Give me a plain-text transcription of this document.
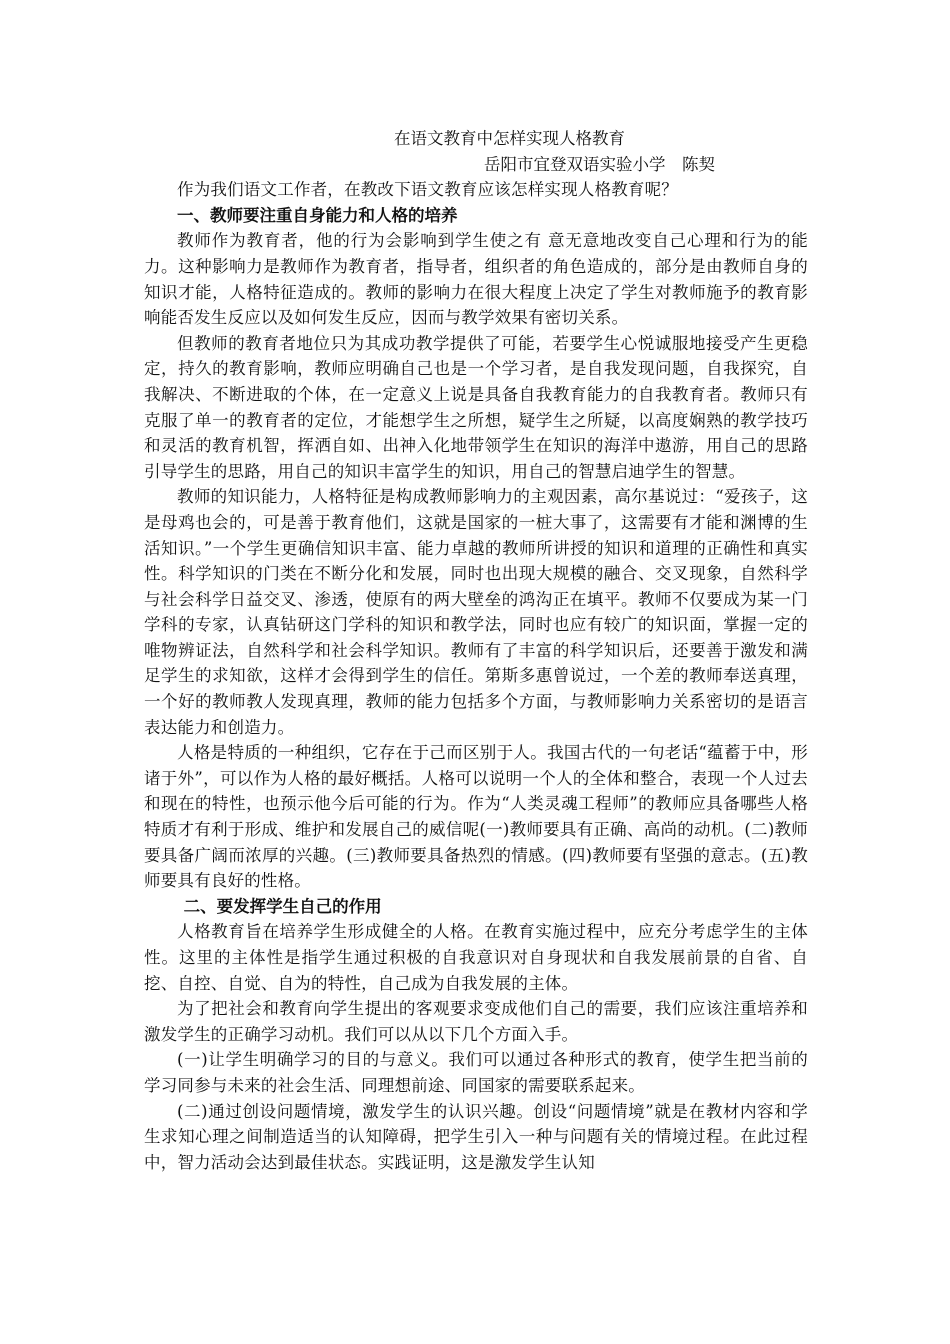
在语文教育中怎样实现人格教育

岳阳市宜登双语实验小学　陈契

作为我们语文工作者，在教改下语文教育应该怎样实现人格教育呢？

一、教师要注重自身能力和人格的培养

教师作为教育者，他的行为会影响到学生使之有 意无意地改变自己心理和行为的能力。这种影响力是教师作为教育者，指导者，组织者的角色造成的，部分是由教师自身的知识才能，人格特征造成的。教师的影响力在很大程度上决定了学生对教师施予的教育影响能否发生反应以及如何发生反应，因而与教学效果有密切关系。

但教师的教育者地位只为其成功教学提供了可能，若要学生心悦诚服地接受产生更稳定，持久的教育影响，教师应明确自己也是一个学习者，是自我发现问题，自我探究，自我解决、不断进取的个体，在一定意义上说是具备自我教育能力的自我教育者。教师只有克服了单一的教育者的定位，才能想学生之所想，疑学生之所疑，以高度娴熟的教学技巧和灵活的教育机智，挥洒自如、出神入化地带领学生在知识的海洋中遨游，用自己的思路引导学生的思路，用自己的知识丰富学生的知识，用自己的智慧启迪学生的智慧。

教师的知识能力，人格特征是构成教师影响力的主观因素，高尔基说过：“爱孩子，这是母鸡也会的，可是善于教育他们，这就是国家的一桩大事了，这需要有才能和渊博的生活知识。”一个学生更确信知识丰富、能力卓越的教师所讲授的知识和道理的正确性和真实性。科学知识的门类在不断分化和发展，同时也出现大规模的融合、交叉现象，自然科学与社会科学日益交叉、渗透，使原有的两大壁垒的鸿沟正在填平。教师不仅要成为某一门学科的专家，认真钻研这门学科的知识和教学法，同时也应有较广的知识面，掌握一定的唯物辨证法，自然科学和社会科学知识。教师有了丰富的科学知识后，还要善于激发和满足学生的求知欲，这样才会得到学生的信任。第斯多惠曾说过，一个差的教师奉送真理，一个好的教师教人发现真理，教师的能力包括多个方面，与教师影响力关系密切的是语言表达能力和创造力。

人格是特质的一种组织，它存在于己而区别于人。我国古代的一句老话“蕴蓄于中，形诸于外”，可以作为人格的最好概括。人格可以说明一个人的全体和整合，表现一个人过去和现在的特性，也预示他今后可能的行为。作为“人类灵魂工程师”的教师应具备哪些人格特质才有利于形成、维护和发展自己的威信呢(一)教师要具有正确、高尚的动机。(二)教师要具备广阔而浓厚的兴趣。(三)教师要具备热烈的情感。(四)教师要有坚强的意志。(五)教师要具有良好的性格。

二、要发挥学生自己的作用

人格教育旨在培养学生形成健全的人格。在教育实施过程中，应充分考虑学生的主体性。这里的主体性是指学生通过积极的自我意识对自身现状和自我发展前景的自省、自挖、自控、自觉、自为的特性，自己成为自我发展的主体。

为了把社会和教育向学生提出的客观要求变成他们自己的需要，我们应该注重培养和激发学生的正确学习动机。我们可以从以下几个方面入手。

(一)让学生明确学习的目的与意义。我们可以通过各种形式的教育，使学生把当前的学习同参与未来的社会生活、同理想前途、同国家的需要联系起来。

(二)通过创设问题情境，激发学生的认识兴趣。创设“问题情境”就是在教材内容和学生求知心理之间制造适当的认知障碍，把学生引入一种与问题有关的情境过程。在此过程中，智力活动会达到最佳状态。实践证明，这是激发学生认知
